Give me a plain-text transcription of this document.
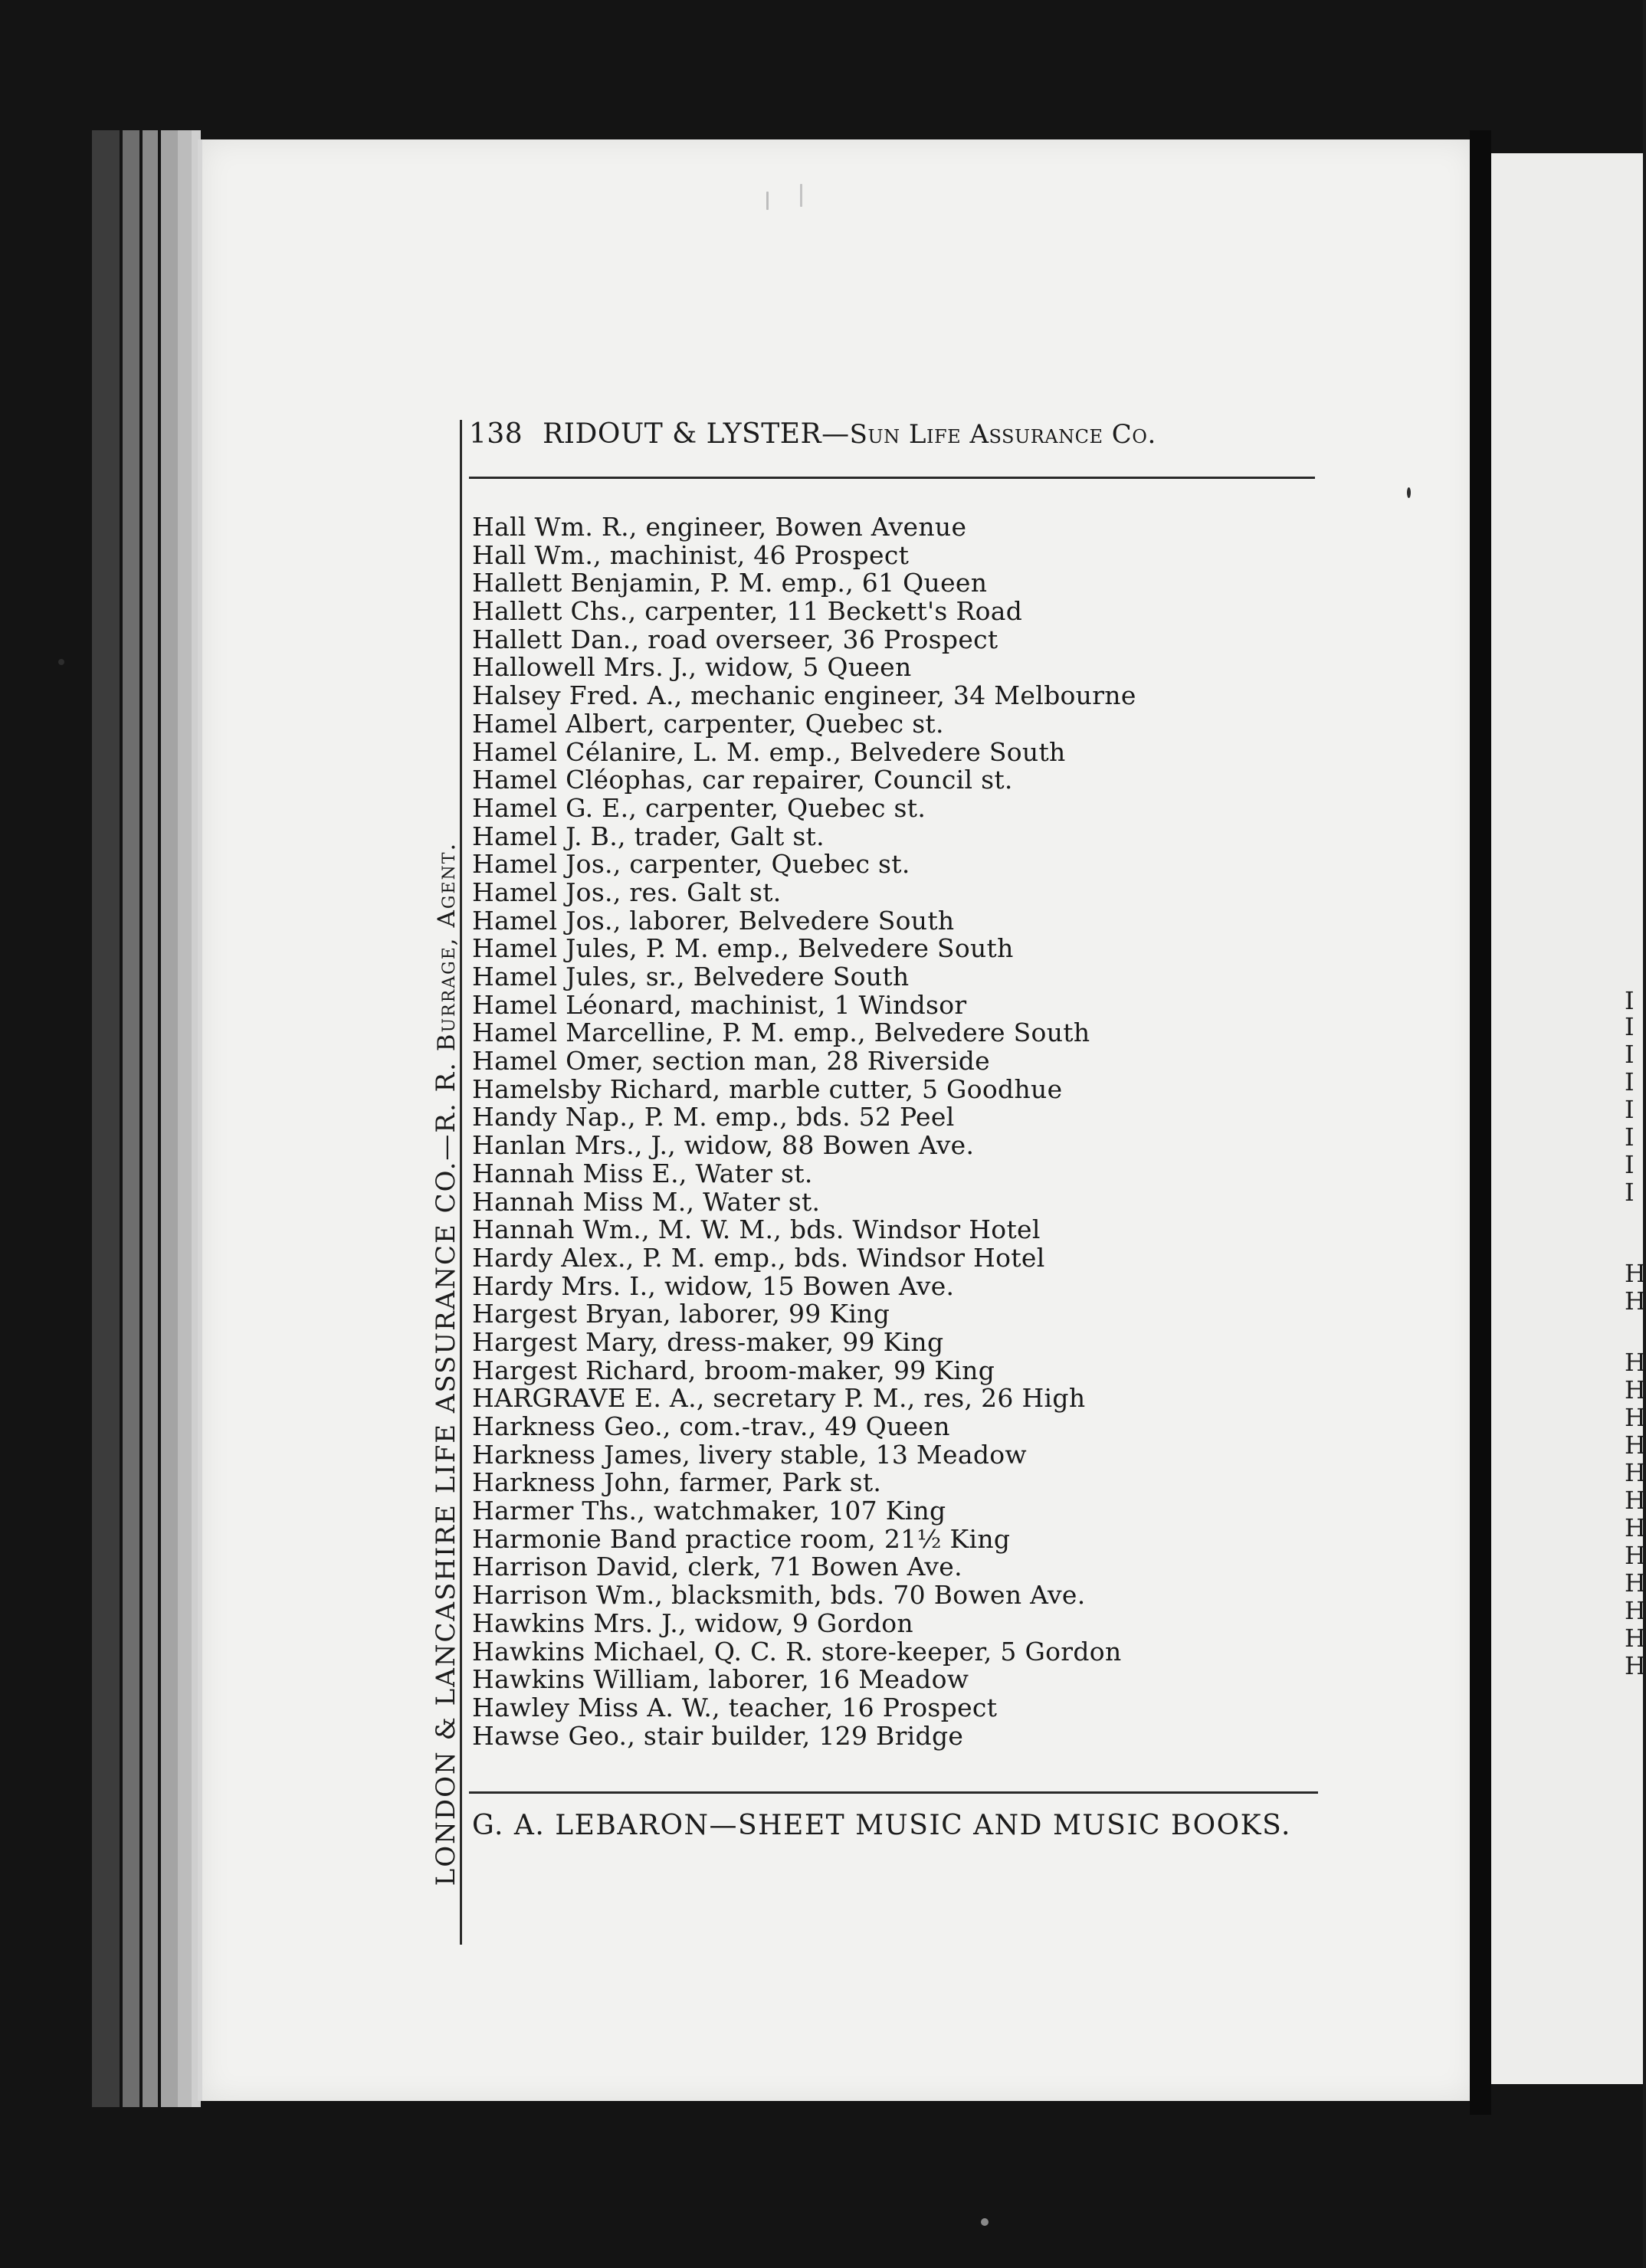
I
I
I
I
I
I
I
I
H
H
H
H
H
H
H
H
H
H
H
H
H
H
138 RIDOUT & LYSTER—Sun Life Assurance Co.
LONDON & LANCASHIRE LIFE ASSURANCE CO.—R. R. Burrage, Agent.
Hall Wm. R., engineer, Bowen Avenue
Hall Wm., machinist, 46 Prospect
Hallett Benjamin, P. M. emp., 61 Queen
Hallett Chs., carpenter, 11 Beckett's Road
Hallett Dan., road overseer, 36 Prospect
Hallowell Mrs. J., widow, 5 Queen
Halsey Fred. A., mechanic engineer, 34 Melbourne
Hamel Albert, carpenter, Quebec st.
Hamel Célanire, L. M. emp., Belvedere South
Hamel Cléophas, car repairer, Council st.
Hamel G. E., carpenter, Quebec st.
Hamel J. B., trader, Galt st.
Hamel Jos., carpenter, Quebec st.
Hamel Jos., res. Galt st.
Hamel Jos., laborer, Belvedere South
Hamel Jules, P. M. emp., Belvedere South
Hamel Jules, sr., Belvedere South
Hamel Léonard, machinist, 1 Windsor
Hamel Marcelline, P. M. emp., Belvedere South
Hamel Omer, section man, 28 Riverside
Hamelsby Richard, marble cutter, 5 Goodhue
Handy Nap., P. M. emp., bds. 52 Peel
Hanlan Mrs., J., widow, 88 Bowen Ave.
Hannah Miss E., Water st.
Hannah Miss M., Water st.
Hannah Wm., M. W. M., bds. Windsor Hotel
Hardy Alex., P. M. emp., bds. Windsor Hotel
Hardy Mrs. I., widow, 15 Bowen Ave.
Hargest Bryan, laborer, 99 King
Hargest Mary, dress-maker, 99 King
Hargest Richard, broom-maker, 99 King
HARGRAVE E. A., secretary P. M., res, 26 High
Harkness Geo., com.-trav., 49 Queen
Harkness James, livery stable, 13 Meadow
Harkness John, farmer, Park st.
Harmer Ths., watchmaker, 107 King
Harmonie Band practice room, 21½ King
Harrison David, clerk, 71 Bowen Ave.
Harrison Wm., blacksmith, bds. 70 Bowen Ave.
Hawkins Mrs. J., widow, 9 Gordon
Hawkins Michael, Q. C. R. store-keeper, 5 Gordon
Hawkins William, laborer, 16 Meadow
Hawley Miss A. W., teacher, 16 Prospect
Hawse Geo., stair builder, 129 Bridge
G. A. LEBARON—SHEET MUSIC AND MUSIC BOOKS.
